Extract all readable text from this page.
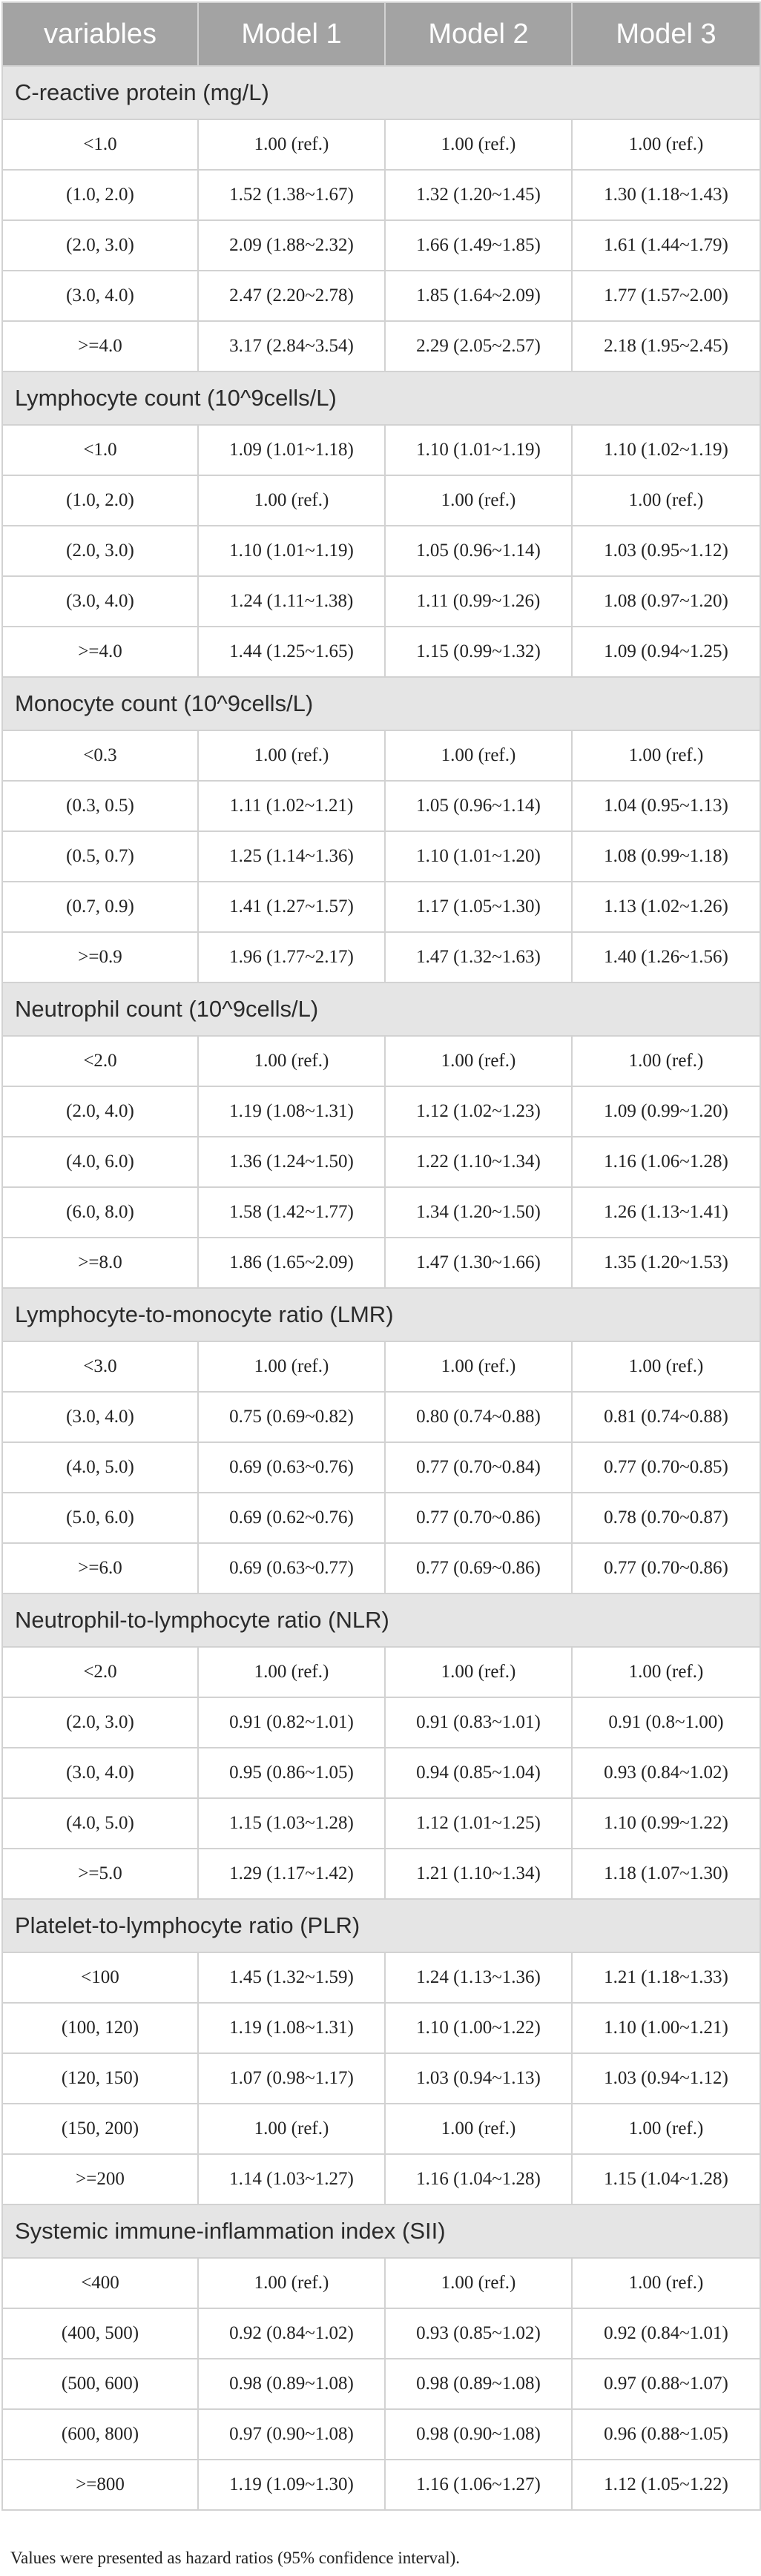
variables	Model 1	Model 2	Model 3
C-reactive protein (mg/L)			
<1.0	1.00 (ref.)	1.00 (ref.)	1.00 (ref.)
(1.0, 2.0)	1.52 (1.38~1.67)	1.32 (1.20~1.45)	1.30 (1.18~1.43)
(2.0, 3.0)	2.09 (1.88~2.32)	1.66 (1.49~1.85)	1.61 (1.44~1.79)
(3.0, 4.0)	2.47 (2.20~2.78)	1.85 (1.64~2.09)	1.77 (1.57~2.00)
>=4.0	3.17 (2.84~3.54)	2.29 (2.05~2.57)	2.18 (1.95~2.45)
Lymphocyte count (10^9cells/L)			
<1.0	1.09 (1.01~1.18)	1.10 (1.01~1.19)	1.10 (1.02~1.19)
(1.0, 2.0)	1.00 (ref.)	1.00 (ref.)	1.00 (ref.)
(2.0, 3.0)	1.10 (1.01~1.19)	1.05 (0.96~1.14)	1.03 (0.95~1.12)
(3.0, 4.0)	1.24 (1.11~1.38)	1.11 (0.99~1.26)	1.08 (0.97~1.20)
>=4.0	1.44 (1.25~1.65)	1.15 (0.99~1.32)	1.09 (0.94~1.25)
Monocyte count (10^9cells/L)			
<0.3	1.00 (ref.)	1.00 (ref.)	1.00 (ref.)
(0.3, 0.5)	1.11 (1.02~1.21)	1.05 (0.96~1.14)	1.04 (0.95~1.13)
(0.5, 0.7)	1.25 (1.14~1.36)	1.10 (1.01~1.20)	1.08 (0.99~1.18)
(0.7, 0.9)	1.41 (1.27~1.57)	1.17 (1.05~1.30)	1.13 (1.02~1.26)
>=0.9	1.96 (1.77~2.17)	1.47 (1.32~1.63)	1.40 (1.26~1.56)
Neutrophil count (10^9cells/L)			
<2.0	1.00 (ref.)	1.00 (ref.)	1.00 (ref.)
(2.0, 4.0)	1.19 (1.08~1.31)	1.12 (1.02~1.23)	1.09 (0.99~1.20)
(4.0, 6.0)	1.36 (1.24~1.50)	1.22 (1.10~1.34)	1.16 (1.06~1.28)
(6.0, 8.0)	1.58 (1.42~1.77)	1.34 (1.20~1.50)	1.26 (1.13~1.41)
>=8.0	1.86 (1.65~2.09)	1.47 (1.30~1.66)	1.35 (1.20~1.53)
Lymphocyte-to-monocyte ratio (LMR)			
<3.0	1.00 (ref.)	1.00 (ref.)	1.00 (ref.)
(3.0, 4.0)	0.75 (0.69~0.82)	0.80 (0.74~0.88)	0.81 (0.74~0.88)
(4.0, 5.0)	0.69 (0.63~0.76)	0.77 (0.70~0.84)	0.77 (0.70~0.85)
(5.0, 6.0)	0.69 (0.62~0.76)	0.77 (0.70~0.86)	0.78 (0.70~0.87)
>=6.0	0.69 (0.63~0.77)	0.77 (0.69~0.86)	0.77 (0.70~0.86)
Neutrophil-to-lymphocyte ratio (NLR)			
<2.0	1.00 (ref.)	1.00 (ref.)	1.00 (ref.)
(2.0, 3.0)	0.91 (0.82~1.01)	0.91 (0.83~1.01)	0.91 (0.8~1.00)
(3.0, 4.0)	0.95 (0.86~1.05)	0.94 (0.85~1.04)	0.93 (0.84~1.02)
(4.0, 5.0)	1.15 (1.03~1.28)	1.12 (1.01~1.25)	1.10 (0.99~1.22)
>=5.0	1.29 (1.17~1.42)	1.21 (1.10~1.34)	1.18 (1.07~1.30)
Platelet-to-lymphocyte ratio (PLR)			
<100	1.45 (1.32~1.59)	1.24 (1.13~1.36)	1.21 (1.18~1.33)
(100, 120)	1.19 (1.08~1.31)	1.10 (1.00~1.22)	1.10 (1.00~1.21)
(120, 150)	1.07 (0.98~1.17)	1.03 (0.94~1.13)	1.03 (0.94~1.12)
(150, 200)	1.00 (ref.)	1.00 (ref.)	1.00 (ref.)
>=200	1.14 (1.03~1.27)	1.16 (1.04~1.28)	1.15 (1.04~1.28)
Systemic immune-inflammation index (SII)			
<400	1.00 (ref.)	1.00 (ref.)	1.00 (ref.)
(400, 500)	0.92 (0.84~1.02)	0.93 (0.85~1.02)	0.92 (0.84~1.01)
(500, 600)	0.98 (0.89~1.08)	0.98 (0.89~1.08)	0.97 (0.88~1.07)
(600, 800)	0.97 (0.90~1.08)	0.98 (0.90~1.08)	0.96 (0.88~1.05)
>=800	1.19 (1.09~1.30)	1.16 (1.06~1.27)	1.12 (1.05~1.22)
Values were presented as hazard ratios (95% confidence interval).
